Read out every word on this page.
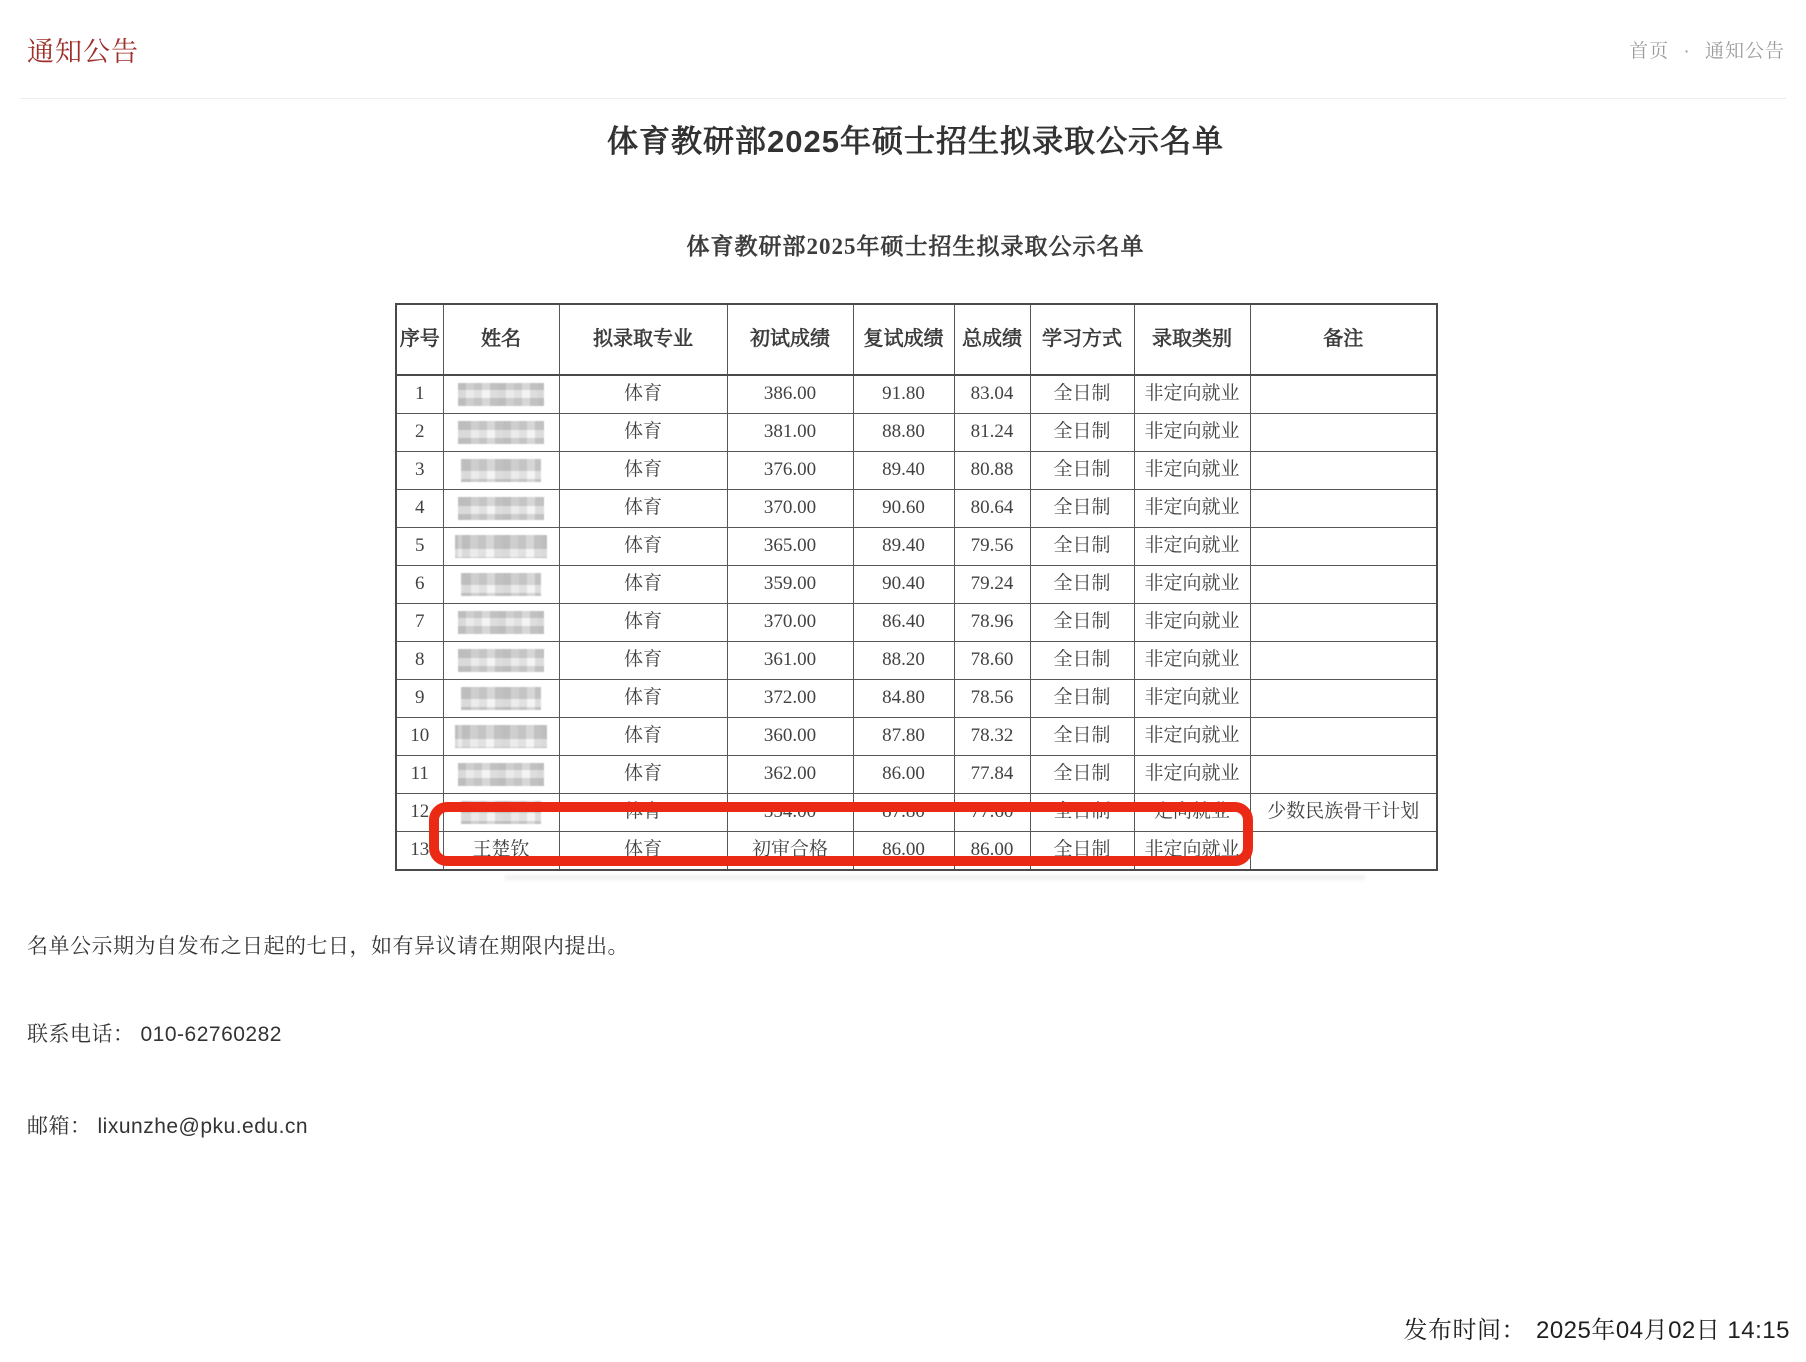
通知公告	首页 · 通知公告
体育教研部2025年硕士招生拟录取公示名单
体育教研部2025年硕士招生拟录取公示名单
序号	姓名	拟录取专业	初试成绩	复试成绩	总成绩	学习方式	录取类别	备注
1		体育	386.00	91.80	83.04	全日制	非定向就业	
2		体育	381.00	88.80	81.24	全日制	非定向就业	
3		体育	376.00	89.40	80.88	全日制	非定向就业	
4		体育	370.00	90.60	80.64	全日制	非定向就业	
5		体育	365.00	89.40	79.56	全日制	非定向就业	
6		体育	359.00	90.40	79.24	全日制	非定向就业	
7		体育	370.00	86.40	78.96	全日制	非定向就业	
8		体育	361.00	88.20	78.60	全日制	非定向就业	
9		体育	372.00	84.80	78.56	全日制	非定向就业	
10		体育	360.00	87.80	78.32	全日制	非定向就业	
11		体育	362.00	86.00	77.84	全日制	非定向就业	
12		体育	354.00	87.80	77.60	全日制	定向就业	少数民族骨干计划
13	王楚钦	体育	初审合格	86.00	86.00	全日制	非定向就业	
名单公示期为自发布之日起的七日，如有异议请在期限内提出。
联系电话： 010-62760282
邮箱： lixunzhe@pku.edu.cn
发布时间： 2025年04月02日 14:15
